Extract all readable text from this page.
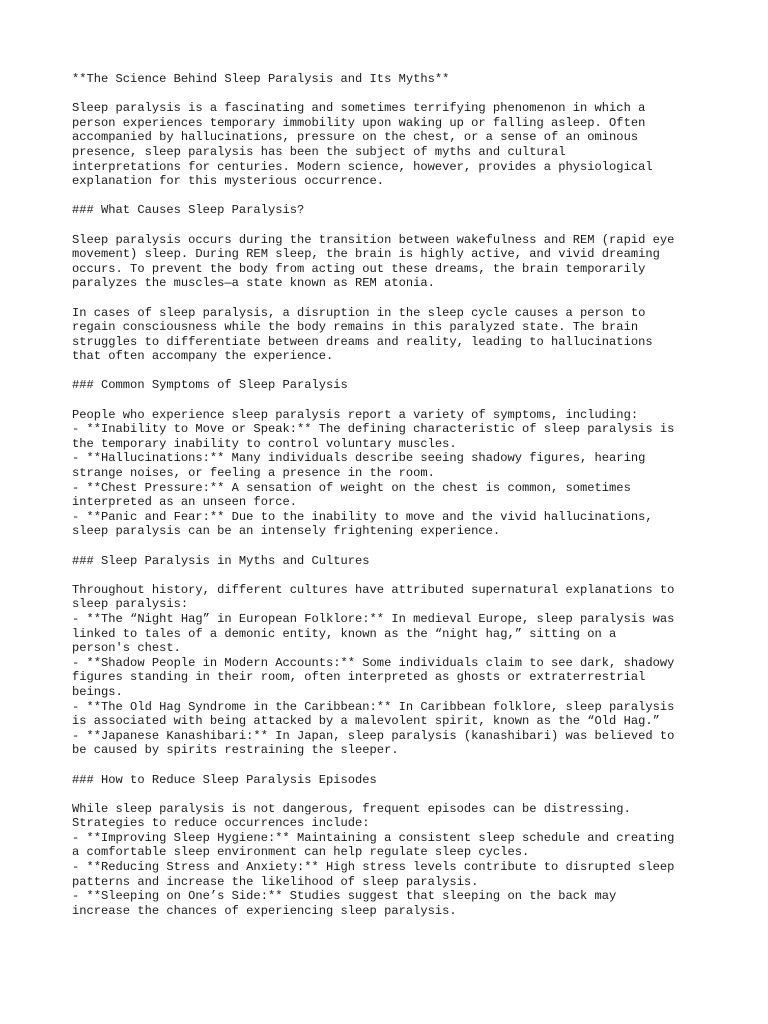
**The Science Behind Sleep Paralysis and Its Myths**
Sleep paralysis is a fascinating and sometimes terrifying phenomenon in which a
person experiences temporary immobility upon waking up or falling asleep. Often
accompanied by hallucinations, pressure on the chest, or a sense of an ominous
presence, sleep paralysis has been the subject of myths and cultural
interpretations for centuries. Modern science, however, provides a physiological
explanation for this mysterious occurrence.
### What Causes Sleep Paralysis?
Sleep paralysis occurs during the transition between wakefulness and REM (rapid eye
movement) sleep. During REM sleep, the brain is highly active, and vivid dreaming
occurs. To prevent the body from acting out these dreams, the brain temporarily
paralyzes the muscles—a state known as REM atonia.
In cases of sleep paralysis, a disruption in the sleep cycle causes a person to
regain consciousness while the body remains in this paralyzed state. The brain
struggles to differentiate between dreams and reality, leading to hallucinations
that often accompany the experience.
### Common Symptoms of Sleep Paralysis
People who experience sleep paralysis report a variety of symptoms, including:
- **Inability to Move or Speak:** The defining characteristic of sleep paralysis is
the temporary inability to control voluntary muscles.
- **Hallucinations:** Many individuals describe seeing shadowy figures, hearing
strange noises, or feeling a presence in the room.
- **Chest Pressure:** A sensation of weight on the chest is common, sometimes
interpreted as an unseen force.
- **Panic and Fear:** Due to the inability to move and the vivid hallucinations,
sleep paralysis can be an intensely frightening experience.
### Sleep Paralysis in Myths and Cultures
Throughout history, different cultures have attributed supernatural explanations to
sleep paralysis:
- **The “Night Hag” in European Folklore:** In medieval Europe, sleep paralysis was
linked to tales of a demonic entity, known as the “night hag,” sitting on a
person's chest.
- **Shadow People in Modern Accounts:** Some individuals claim to see dark, shadowy
figures standing in their room, often interpreted as ghosts or extraterrestrial
beings.
- **The Old Hag Syndrome in the Caribbean:** In Caribbean folklore, sleep paralysis
is associated with being attacked by a malevolent spirit, known as the “Old Hag.”
- **Japanese Kanashibari:** In Japan, sleep paralysis (kanashibari) was believed to
be caused by spirits restraining the sleeper.
### How to Reduce Sleep Paralysis Episodes
While sleep paralysis is not dangerous, frequent episodes can be distressing.
Strategies to reduce occurrences include:
- **Improving Sleep Hygiene:** Maintaining a consistent sleep schedule and creating
a comfortable sleep environment can help regulate sleep cycles.
- **Reducing Stress and Anxiety:** High stress levels contribute to disrupted sleep
patterns and increase the likelihood of sleep paralysis.
- **Sleeping on One’s Side:** Studies suggest that sleeping on the back may
increase the chances of experiencing sleep paralysis.
